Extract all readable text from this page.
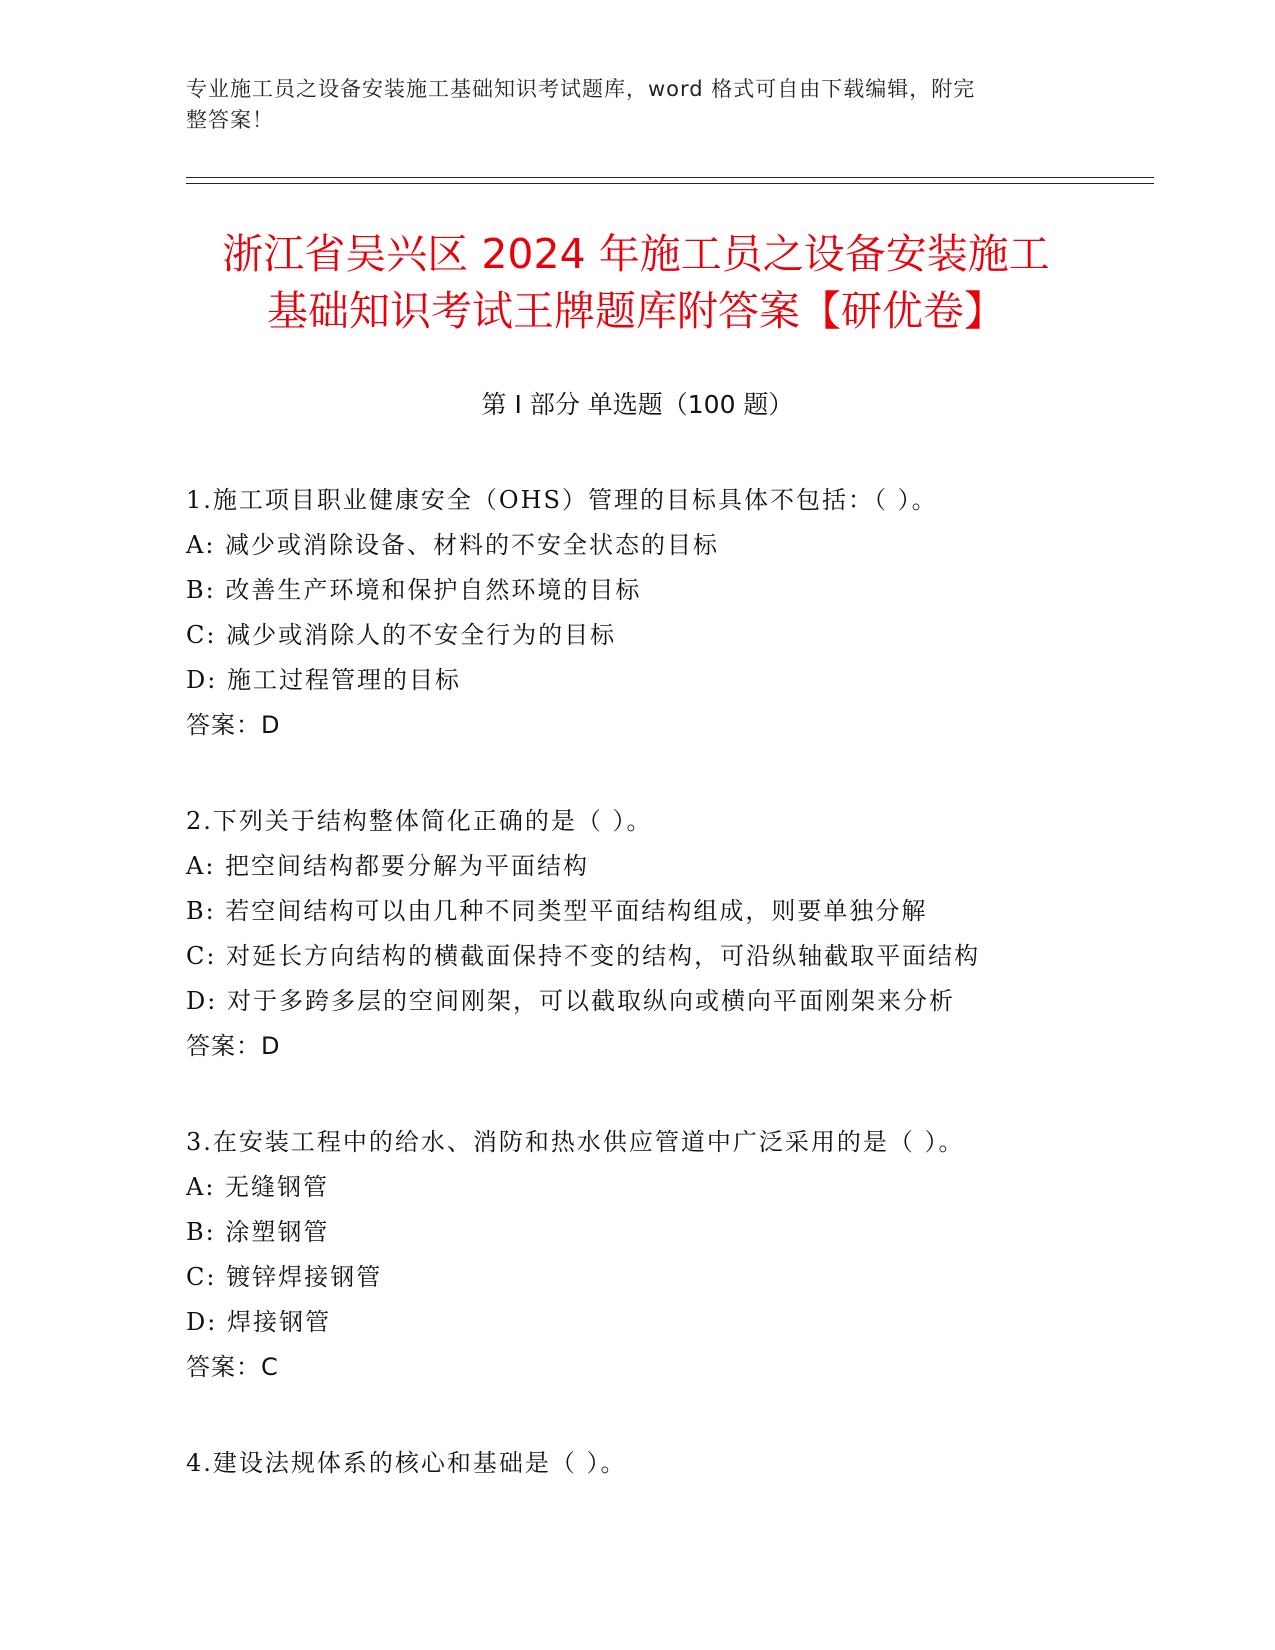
专业施工员之设备安装施工基础知识考试题库，word 格式可自由下载编辑，附完
整答案！
浙江省吴兴区 2024 年施工员之设备安装施工
基础知识考试王牌题库附答案【研优卷】
第 I 部分 单选题（100 题）
1.施工项目职业健康安全（OHS）管理的目标具体不包括：（ ）。
A: 减少或消除设备、材料的不安全状态的目标
B: 改善生产环境和保护自然环境的目标
C: 减少或消除人的不安全行为的目标
D: 施工过程管理的目标
答案：D
2.下列关于结构整体简化正确的是（ ）。
A: 把空间结构都要分解为平面结构
B: 若空间结构可以由几种不同类型平面结构组成，则要单独分解
C: 对延长方向结构的横截面保持不变的结构，可沿纵轴截取平面结构
D: 对于多跨多层的空间刚架，可以截取纵向或横向平面刚架来分析
答案：D
3.在安装工程中的给水、消防和热水供应管道中广泛采用的是（ ）。
A: 无缝钢管
B: 涂塑钢管
C: 镀锌焊接钢管
D: 焊接钢管
答案：C
4.建设法规体系的核心和基础是（ ）。
